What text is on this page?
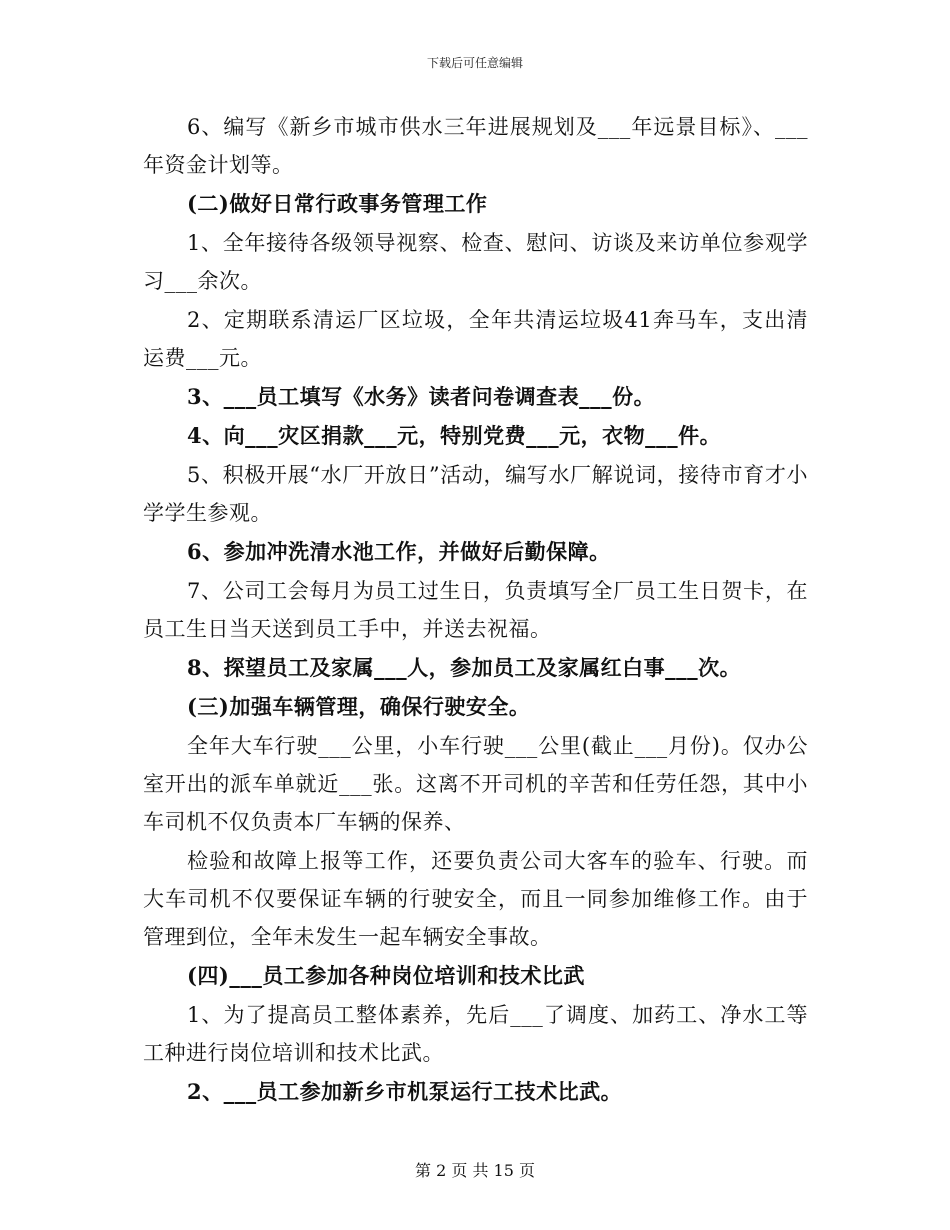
下载后可任意编辑

6、编写《新乡市城市供水三年进展规划及___年远景目标》、___年资金计划等。

(二)做好日常行政事务管理工作

1、全年接待各级领导视察、检查、慰问、访谈及来访单位参观学习___余次。

2、定期联系清运厂区垃圾，全年共清运垃圾41奔马车，支出清运费___元。

3、___员工填写《水务》读者问卷调查表___份。

4、向___灾区捐款___元，特别党费___元，衣物___件。

5、积极开展“水厂开放日”活动，编写水厂解说词，接待市育才小学学生参观。

6、参加冲洗清水池工作，并做好后勤保障。

7、公司工会每月为员工过生日，负责填写全厂员工生日贺卡，在员工生日当天送到员工手中，并送去祝福。

8、探望员工及家属___人，参加员工及家属红白事___次。

(三)加强车辆管理，确保行驶安全。

全年大车行驶___公里，小车行驶___公里(截止___月份)。仅办公室开出的派车单就近___张。这离不开司机的辛苦和任劳任怨，其中小车司机不仅负责本厂车辆的保养、

检验和故障上报等工作，还要负责公司大客车的验车、行驶。而大车司机不仅要保证车辆的行驶安全，而且一同参加维修工作。由于管理到位，全年未发生一起车辆安全事故。

(四)___员工参加各种岗位培训和技术比武

1、为了提高员工整体素养，先后___了调度、加药工、净水工等工种进行岗位培训和技术比武。

2、___员工参加新乡市机泵运行工技术比武。

第 2 页 共 15 页
